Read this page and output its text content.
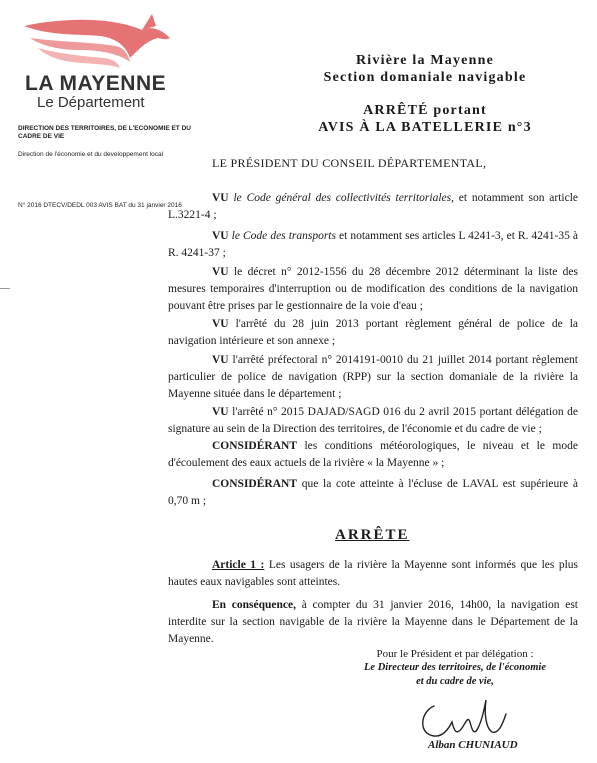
LA MAYENNE
Le Département
DIRECTION DES TERRITOIRES, DE L'ECONOMIE ET DU CADRE DE VIE
Direction de l'économie et du developpement local
N° 2016 DTECV/DEDL 003 AVIS BAT du 31 janvier 2016
Rivière la Mayenne
Section domaniale navigable
ARRÊTÉ portant
AVIS À LA BATELLERIE n°3
LE PRÉSIDENT DU CONSEIL DÉPARTEMENTAL,
VU le Code général des collectivités territoriales, et notamment son article L.3221-4 ;
VU le Code des transports et notamment ses articles L 4241-3, et R. 4241-35 à R. 4241-37 ;
VU le décret n° 2012-1556 du 28 décembre 2012 déterminant la liste des mesures temporaires d'interruption ou de modification des conditions de la navigation pouvant être prises par le gestionnaire de la voie d'eau ;
VU l'arrêté du 28 juin 2013 portant règlement général de police de la navigation intérieure et son annexe ;
VU l'arrêté préfectoral n° 2014191-0010 du 21 juillet 2014 portant règlement particulier de police de navigation (RPP) sur la section domaniale de la rivière la Mayenne située dans le département ;
VU l'arrêté n° 2015 DAJAD/SAGD 016 du 2 avril 2015 portant délégation de signature au sein de la Direction des territoires, de l'économie et du cadre de vie ;
CONSIDÉRANT les conditions météorologiques, le niveau et le mode d'écoulement des eaux actuels de la rivière « la Mayenne » ;
CONSIDÉRANT que la cote atteinte à l'écluse de LAVAL est supérieure à 0,70 m ;
ARRÊTE
Article 1 : Les usagers de la rivière la Mayenne sont informés que les plus hautes eaux navigables sont atteintes.
En conséquence, à compter du 31 janvier 2016, 14h00, la navigation est interdite sur la section navigable de la rivière la Mayenne dans le Département de la Mayenne.
Pour le Président et par délégation :
Le Directeur des territoires, de l'économie
et du cadre de vie,
Alban CHUNIAUD
